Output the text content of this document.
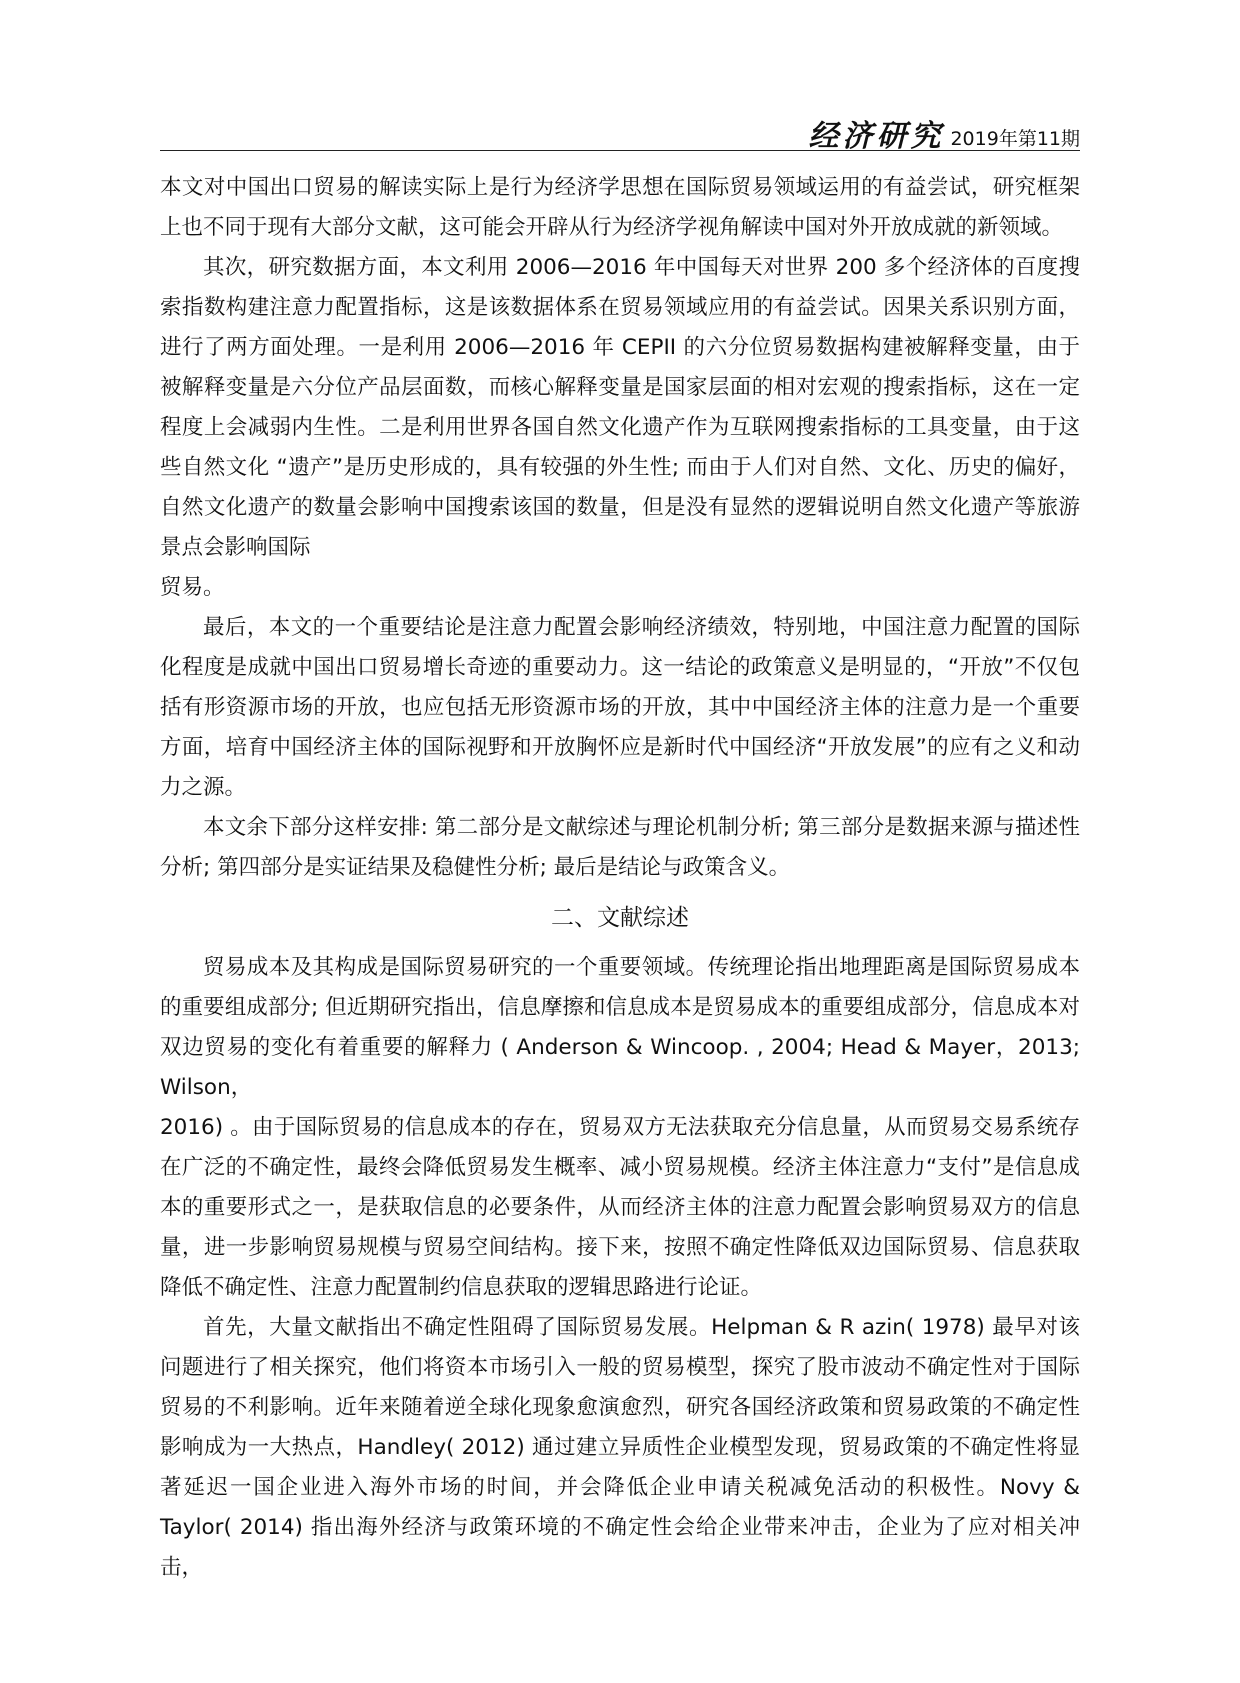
经济研究 2019年第11期

本文对中国出口贸易的解读实际上是行为经济学思想在国际贸易领域运用的有益尝试，研究框架上也不同于现有大部分文献，这可能会开辟从行为经济学视角解读中国对外开放成就的新领域。

其次，研究数据方面，本文利用 2006—2016 年中国每天对世界 200 多个经济体的百度搜索指数构建注意力配置指标，这是该数据体系在贸易领域应用的有益尝试。因果关系识别方面，进行了两方面处理。一是利用 2006—2016 年 CEPII 的六分位贸易数据构建被解释变量，由于被解释变量是六分位产品层面数，而核心解释变量是国家层面的相对宏观的搜索指标，这在一定程度上会减弱内生性。二是利用世界各国自然文化遗产作为互联网搜索指标的工具变量，由于这些自然文化 “遗产”是历史形成的，具有较强的外生性; 而由于人们对自然、文化、历史的偏好，自然文化遗产的数量会影响中国搜索该国的数量，但是没有显然的逻辑说明自然文化遗产等旅游景点会影响国际

贸易。

最后，本文的一个重要结论是注意力配置会影响经济绩效，特别地，中国注意力配置的国际化程度是成就中国出口贸易增长奇迹的重要动力。这一结论的政策意义是明显的，“开放”不仅包括有形资源市场的开放，也应包括无形资源市场的开放，其中中国经济主体的注意力是一个重要方面，培育中国经济主体的国际视野和开放胸怀应是新时代中国经济“开放发展”的应有之义和动力之源。

本文余下部分这样安排: 第二部分是文献综述与理论机制分析; 第三部分是数据来源与描述性分析; 第四部分是实证结果及稳健性分析; 最后是结论与政策含义。

二、文献综述

贸易成本及其构成是国际贸易研究的一个重要领域。传统理论指出地理距离是国际贸易成本的重要组成部分; 但近期研究指出，信息摩擦和信息成本是贸易成本的重要组成部分，信息成本对双边贸易的变化有着重要的解释力 ( Anderson & Wincoop. , 2004; Head & Mayer，2013; Wilson，

2016) 。由于国际贸易的信息成本的存在，贸易双方无法获取充分信息量，从而贸易交易系统存在广泛的不确定性，最终会降低贸易发生概率、减小贸易规模。经济主体注意力“支付”是信息成本的重要形式之一，是获取信息的必要条件，从而经济主体的注意力配置会影响贸易双方的信息量，进一步影响贸易规模与贸易空间结构。接下来，按照不确定性降低双边国际贸易、信息获取降低不确定性、注意力配置制约信息获取的逻辑思路进行论证。

首先，大量文献指出不确定性阻碍了国际贸易发展。Helpman & R azin( 1978) 最早对该问题进行了相关探究，他们将资本市场引入一般的贸易模型，探究了股市波动不确定性对于国际贸易的不利影响。近年来随着逆全球化现象愈演愈烈，研究各国经济政策和贸易政策的不确定性影响成为一大热点，Handley( 2012) 通过建立异质性企业模型发现，贸易政策的不确定性将显著延迟一国企业进入海外市场的时间，并会降低企业申请关税减免活动的积极性。Novy & Taylor( 2014) 指出海外经济与政策环境的不确定性会给企业带来冲击，企业为了应对相关冲击，
